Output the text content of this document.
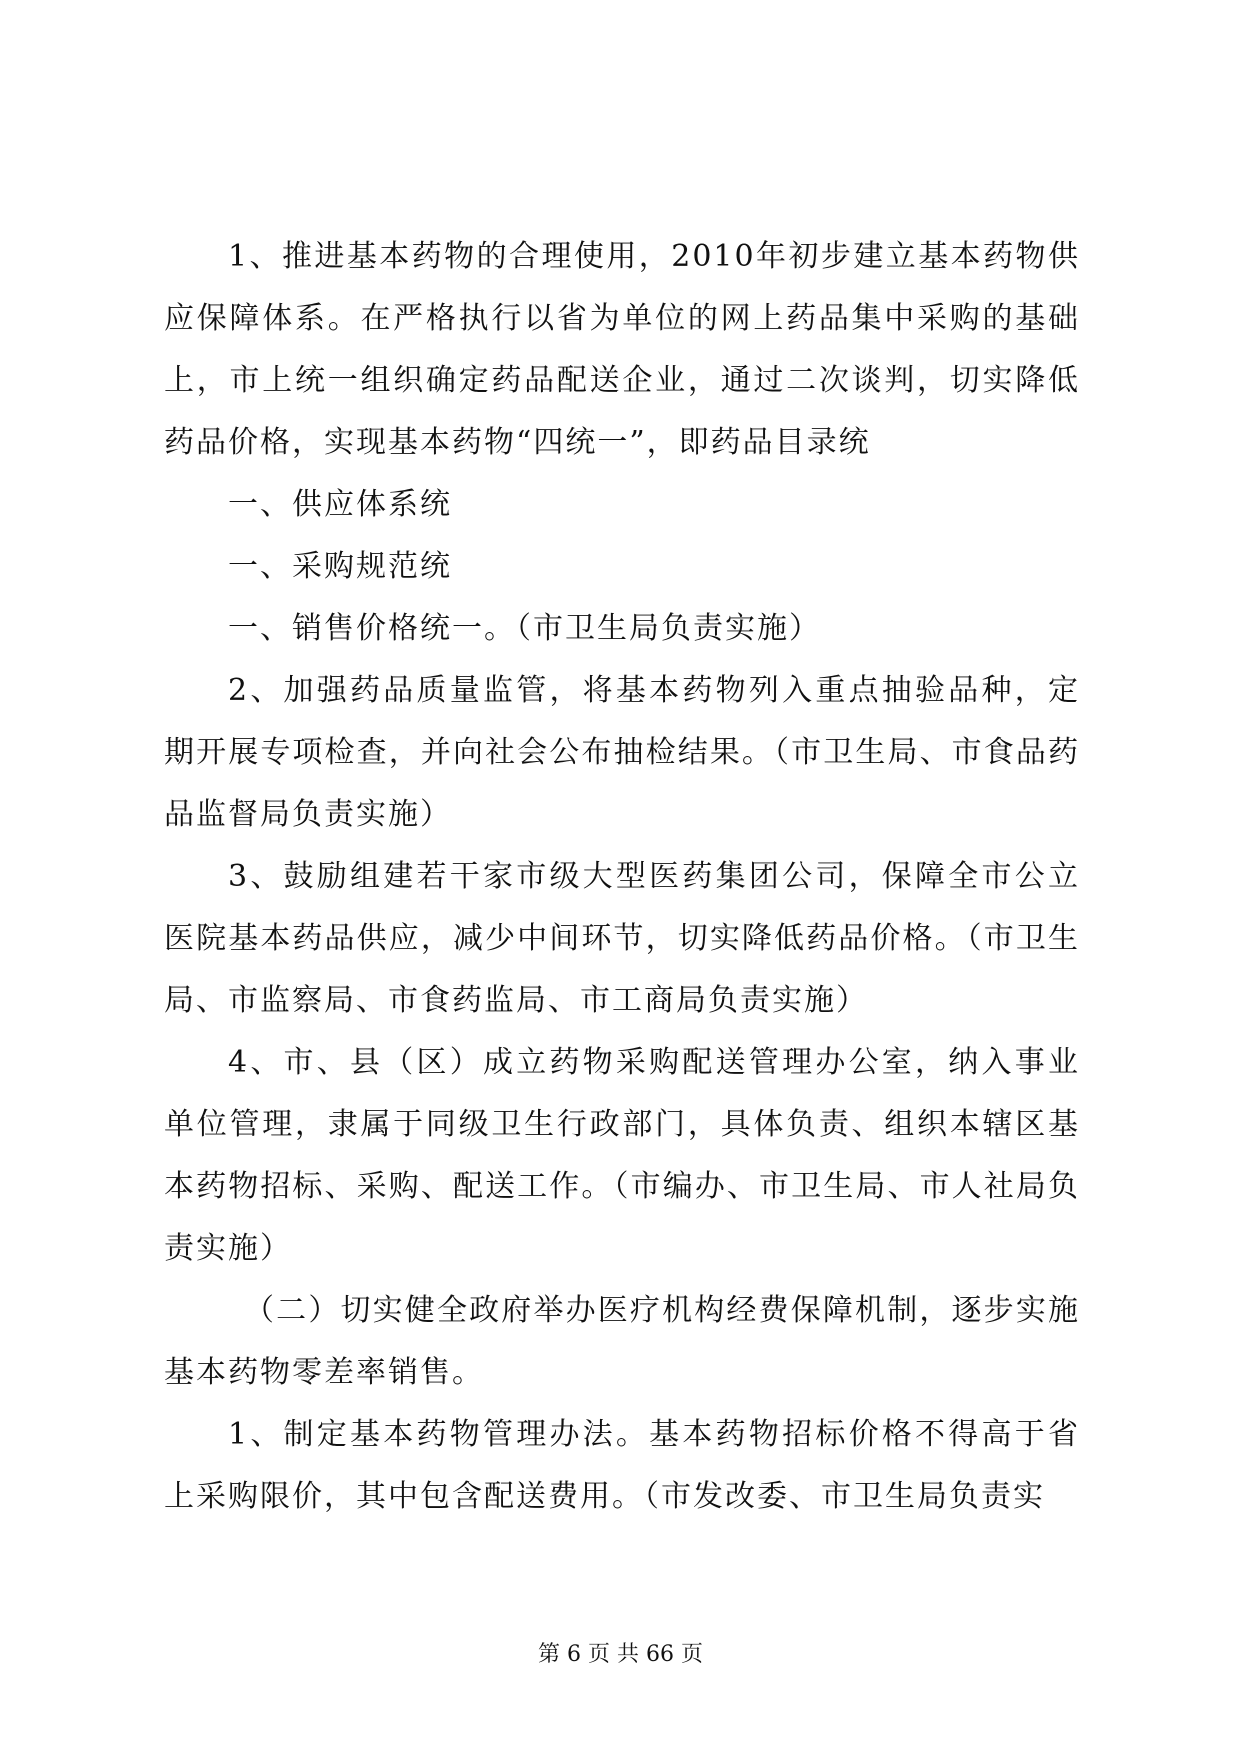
1、推进基本药物的合理使用，2010年初步建立基本药物供应保障体系。在严格执行以省为单位的网上药品集中采购的基础上，市上统一组织确定药品配送企业，通过二次谈判，切实降低药品价格，实现基本药物“四统一”，即药品目录统

一、供应体系统

一、采购规范统

一、销售价格统一。（市卫生局负责实施）

2、加强药品质量监管，将基本药物列入重点抽验品种，定期开展专项检查，并向社会公布抽检结果。（市卫生局、市食品药品监督局负责实施）

3、鼓励组建若干家市级大型医药集团公司，保障全市公立医院基本药品供应，减少中间环节，切实降低药品价格。（市卫生局、市监察局、市食药监局、市工商局负责实施）

4、市、县（区）成立药物采购配送管理办公室，纳入事业单位管理，隶属于同级卫生行政部门，具体负责、组织本辖区基本药物招标、采购、配送工作。（市编办、市卫生局、市人社局负责实施）

（二）切实健全政府举办医疗机构经费保障机制，逐步实施基本药物零差率销售。

1、制定基本药物管理办法。基本药物招标价格不得高于省上采购限价，其中包含配送费用。（市发改委、市卫生局负责实

第 6 页 共 66 页
